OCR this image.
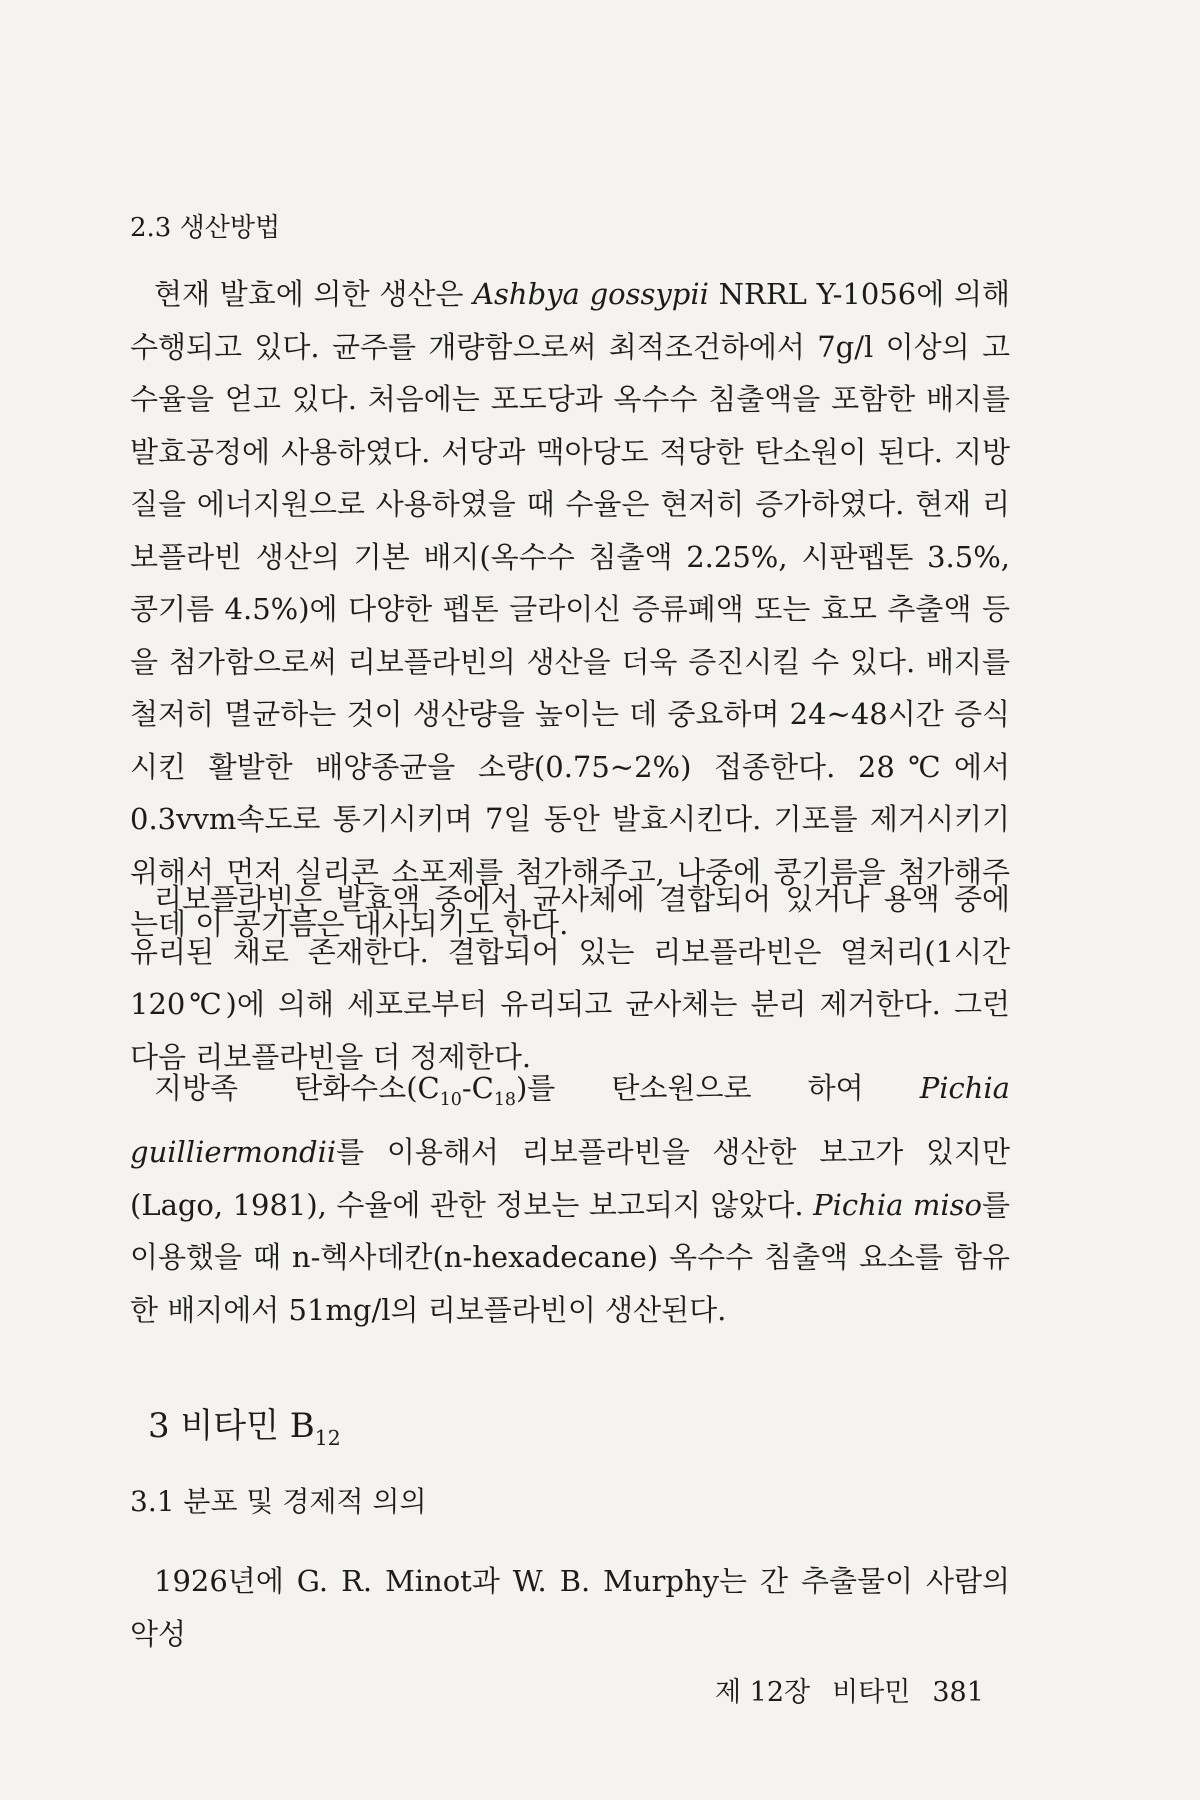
2.3 생산방법

현재 발효에 의한 생산은 Ashbya gossypii NRRL Y-1056에 의해 수행되고 있다. 균주를 개량함으로써 최적조건하에서 7g/l 이상의 고수율을 얻고 있다. 처음에는 포도당과 옥수수 침출액을 포함한 배지를 발효공정에 사용하였다. 서당과 맥아당도 적당한 탄소원이 된다. 지방질을 에너지원으로 사용하였을 때 수율은 현저히 증가하였다. 현재 리보플라빈 생산의 기본 배지(옥수수 침출액 2.25%, 시판펩톤 3.5%, 콩기름 4.5%)에 다양한 펩톤 글라이신 증류폐액 또는 효모 추출액 등을 첨가함으로써 리보플라빈의 생산을 더욱 증진시킬 수 있다. 배지를 철저히 멸균하는 것이 생산량을 높이는 데 중요하며 24~48시간 증식시킨 활발한 배양종균을 소량(0.75~2%) 접종한다. 28℃에서 0.3vvm속도로 통기시키며 7일 동안 발효시킨다. 기포를 제거시키기 위해서 먼저 실리콘 소포제를 첨가해주고, 나중에 콩기름을 첨가해주는데 이 콩기름은 대사되기도 한다.

리보플라빈은 발효액 중에서 균사체에 결합되어 있거나 용액 중에 유리된 채로 존재한다. 결합되어 있는 리보플라빈은 열처리(1시간 120℃)에 의해 세포로부터 유리되고 균사체는 분리 제거한다. 그런 다음 리보플라빈을 더 정제한다.

지방족 탄화수소$(C_{10}-C_{18})$를 탄소원으로 하여 Pichia guilliermondii를 이용해서 리보플라빈을 생산한 보고가 있지만(Lago, 1981), 수율에 관한 정보는 보고되지 않았다. Pichia miso를 이용했을 때 n-헥사데칸(n-hexadecane) 옥수수 침출액 요소를 함유한 배지에서 51mg/l의 리보플라빈이 생산된다.

3 비타민 $B_{12}$
3.1 분포 및 경제적 의의

1926년에 G. R. Minot과 W. B. Murphy는 간 추출물이 사람의 악성

제 12장 비타민 381
